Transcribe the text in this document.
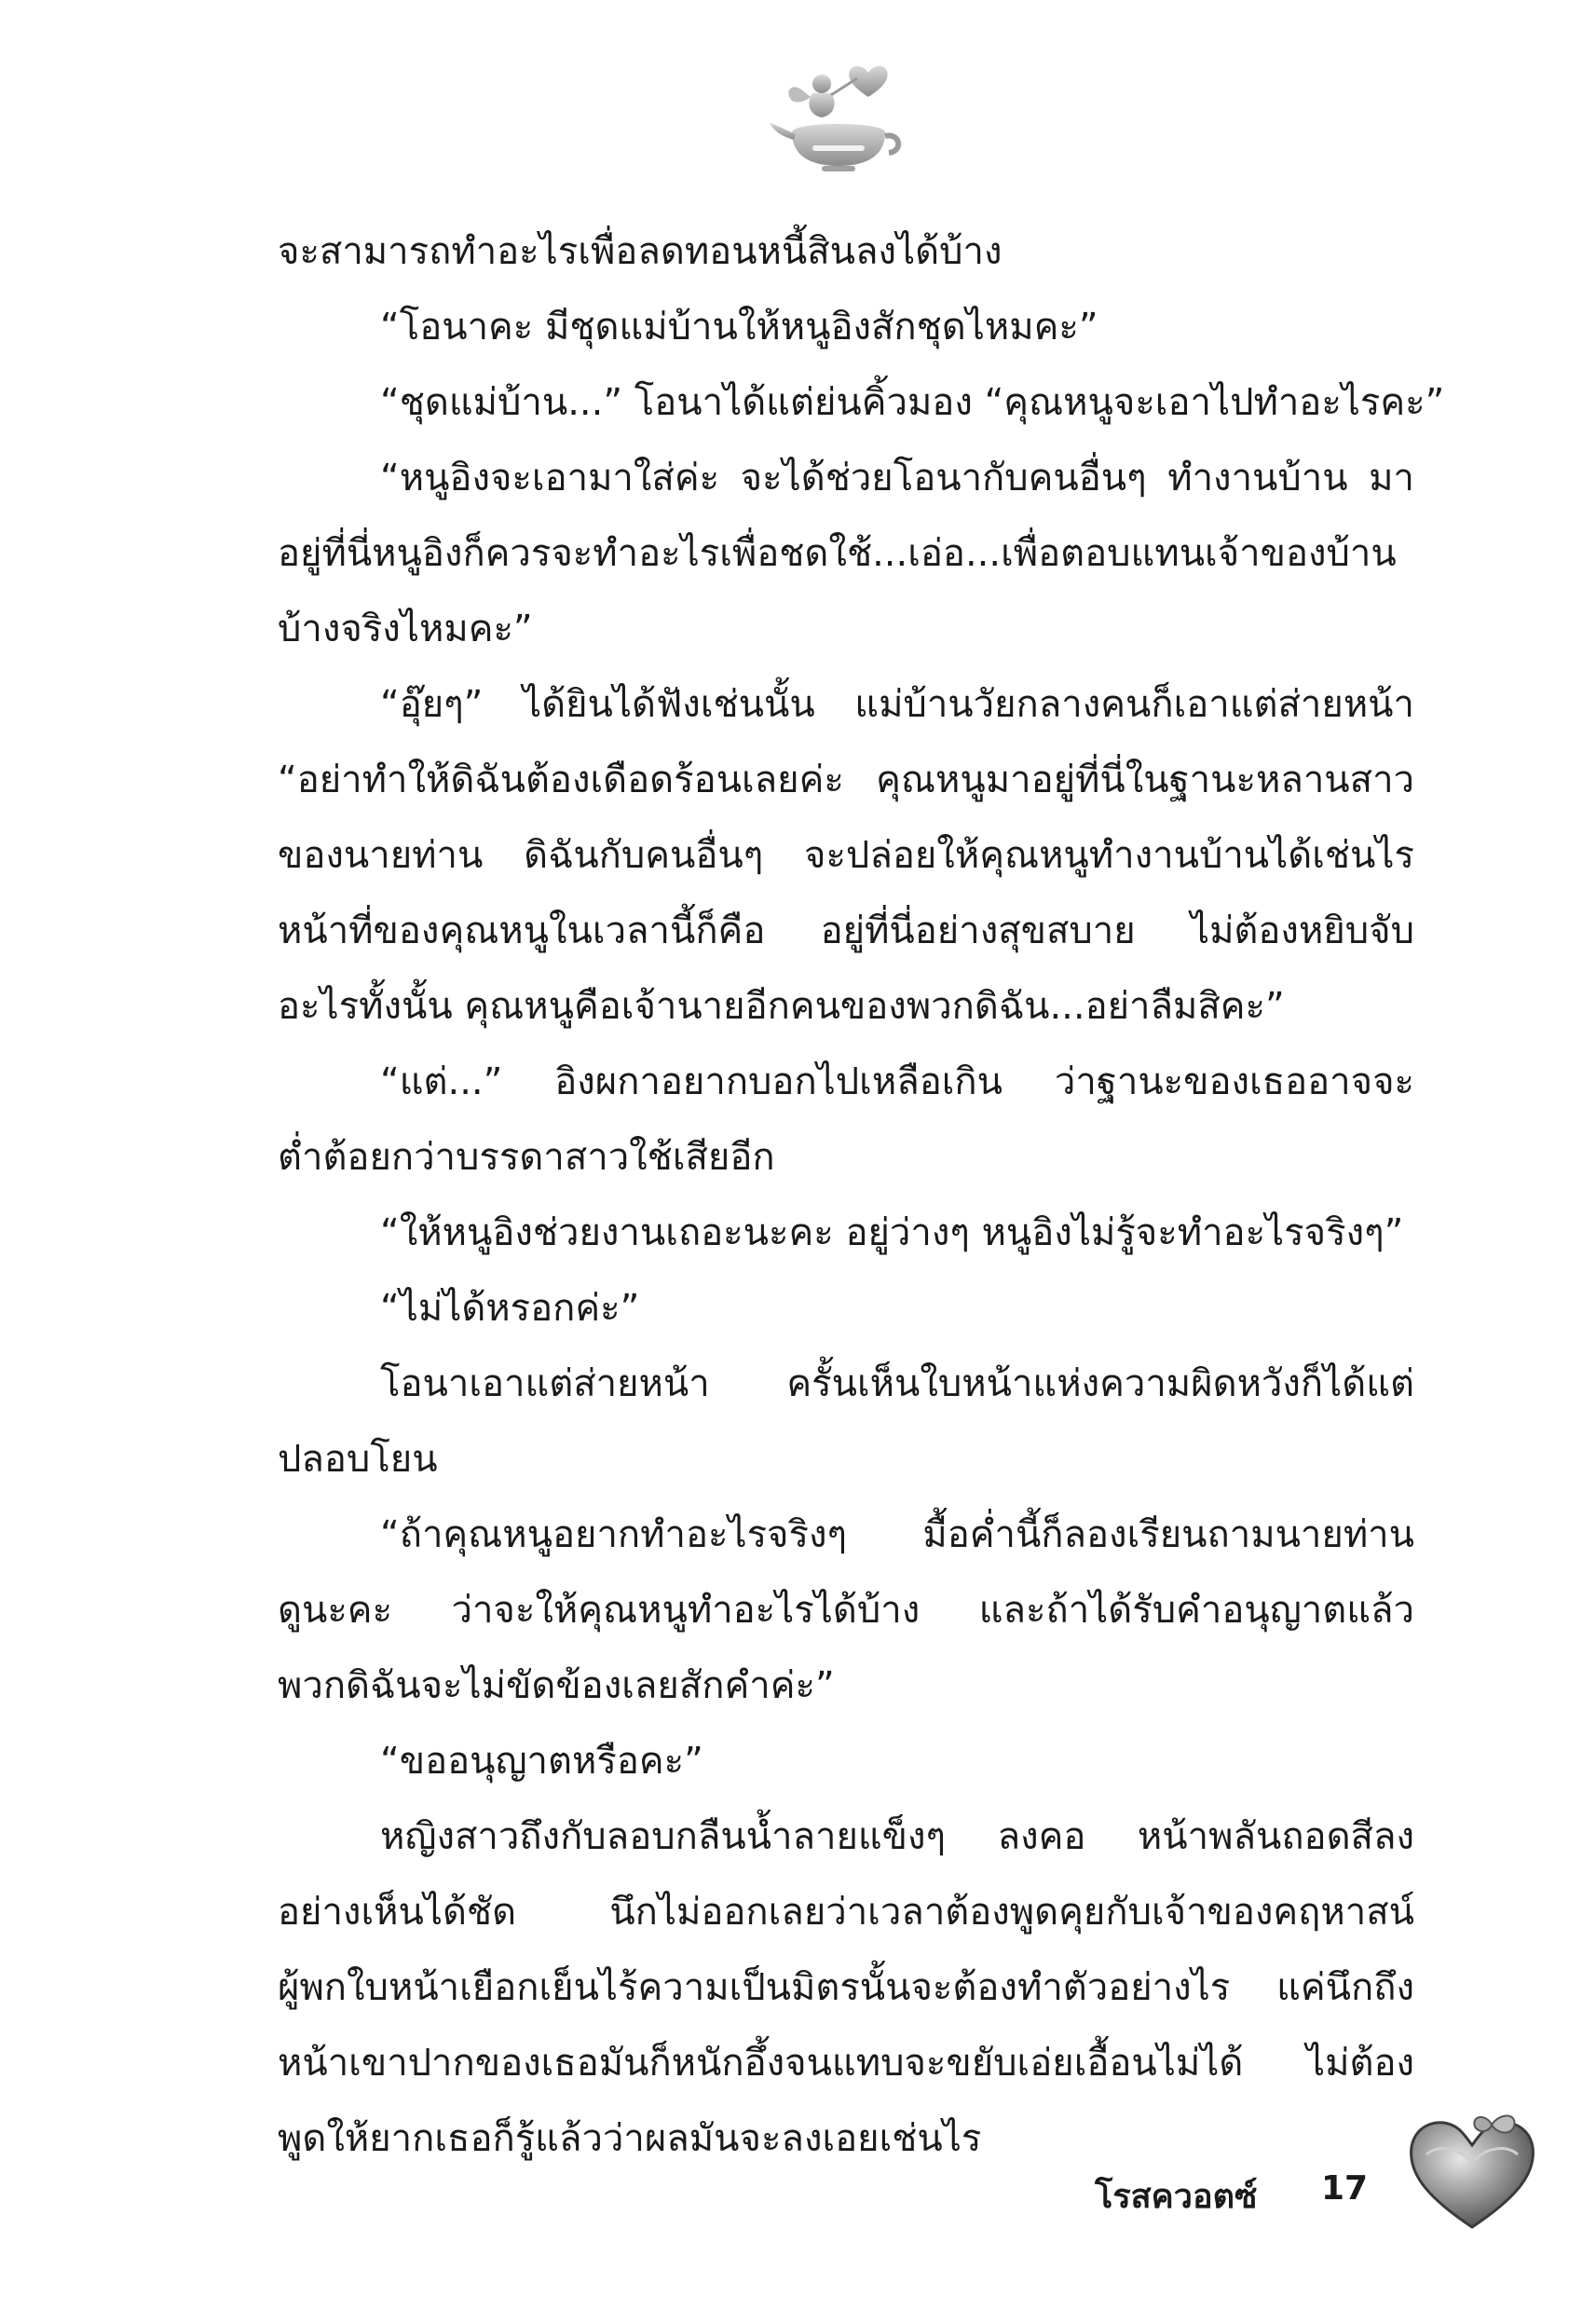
จะสามารถทำอะไรเพื่อลดทอนหนี้สินลงได้บ้าง
“โอนาคะ มีชุดแม่บ้านให้หนูอิงสักชุดไหมคะ”
“ชุดแม่บ้าน...” โอนาได้แต่ย่นคิ้วมอง “คุณหนูจะเอาไปทำอะไรคะ”
“หนูอิงจะเอามาใส่ค่ะ จะได้ช่วยโอนากับคนอื่นๆ ทำงานบ้าน มา
อยู่ที่นี่หนูอิงก็ควรจะทำอะไรเพื่อชดใช้...เอ่อ...เพื่อตอบแทนเจ้าของบ้าน
บ้างจริงไหมคะ”
“อุ๊ยๆ” ได้ยินได้ฟังเช่นนั้น แม่บ้านวัยกลางคนก็เอาแต่ส่ายหน้า
“อย่าทำให้ดิฉันต้องเดือดร้อนเลยค่ะ คุณหนูมาอยู่ที่นี่ในฐานะหลานสาว
ของนายท่าน ดิฉันกับคนอื่นๆ จะปล่อยให้คุณหนูทำงานบ้านได้เช่นไร
หน้าที่ของคุณหนูในเวลานี้ก็คือ อยู่ที่นี่อย่างสุขสบาย ไม่ต้องหยิบจับ
อะไรทั้งนั้น คุณหนูคือเจ้านายอีกคนของพวกดิฉัน...อย่าลืมสิคะ”
“แต่...” อิงผกาอยากบอกไปเหลือเกิน ว่าฐานะของเธออาจจะ
ต่ำต้อยกว่าบรรดาสาวใช้เสียอีก
“ให้หนูอิงช่วยงานเถอะนะคะ อยู่ว่างๆ หนูอิงไม่รู้จะทำอะไรจริงๆ”
“ไม่ได้หรอกค่ะ”
โอนาเอาแต่ส่ายหน้า ครั้นเห็นใบหน้าแห่งความผิดหวังก็ได้แต่
ปลอบโยน
“ถ้าคุณหนูอยากทำอะไรจริงๆ มื้อค่ำนี้ก็ลองเรียนถามนายท่าน
ดูนะคะ ว่าจะให้คุณหนูทำอะไรได้บ้าง และถ้าได้รับคำอนุญาตแล้ว
พวกดิฉันจะไม่ขัดข้องเลยสักคำค่ะ”
“ขออนุญาตหรือคะ”
หญิงสาวถึงกับลอบกลืนน้ำลายแข็งๆ ลงคอ หน้าพลันถอดสีลง
อย่างเห็นได้ชัด นึกไม่ออกเลยว่าเวลาต้องพูดคุยกับเจ้าของคฤหาสน์
ผู้พกใบหน้าเยือกเย็นไร้ความเป็นมิตรนั้นจะต้องทำตัวอย่างไร แค่นึกถึง
หน้าเขาปากของเธอมันก็หนักอึ้งจนแทบจะขยับเอ่ยเอื้อนไม่ได้ ไม่ต้อง
พูดให้ยากเธอก็รู้แล้วว่าผลมันจะลงเอยเช่นไร
โรสควอตซ์ 17
